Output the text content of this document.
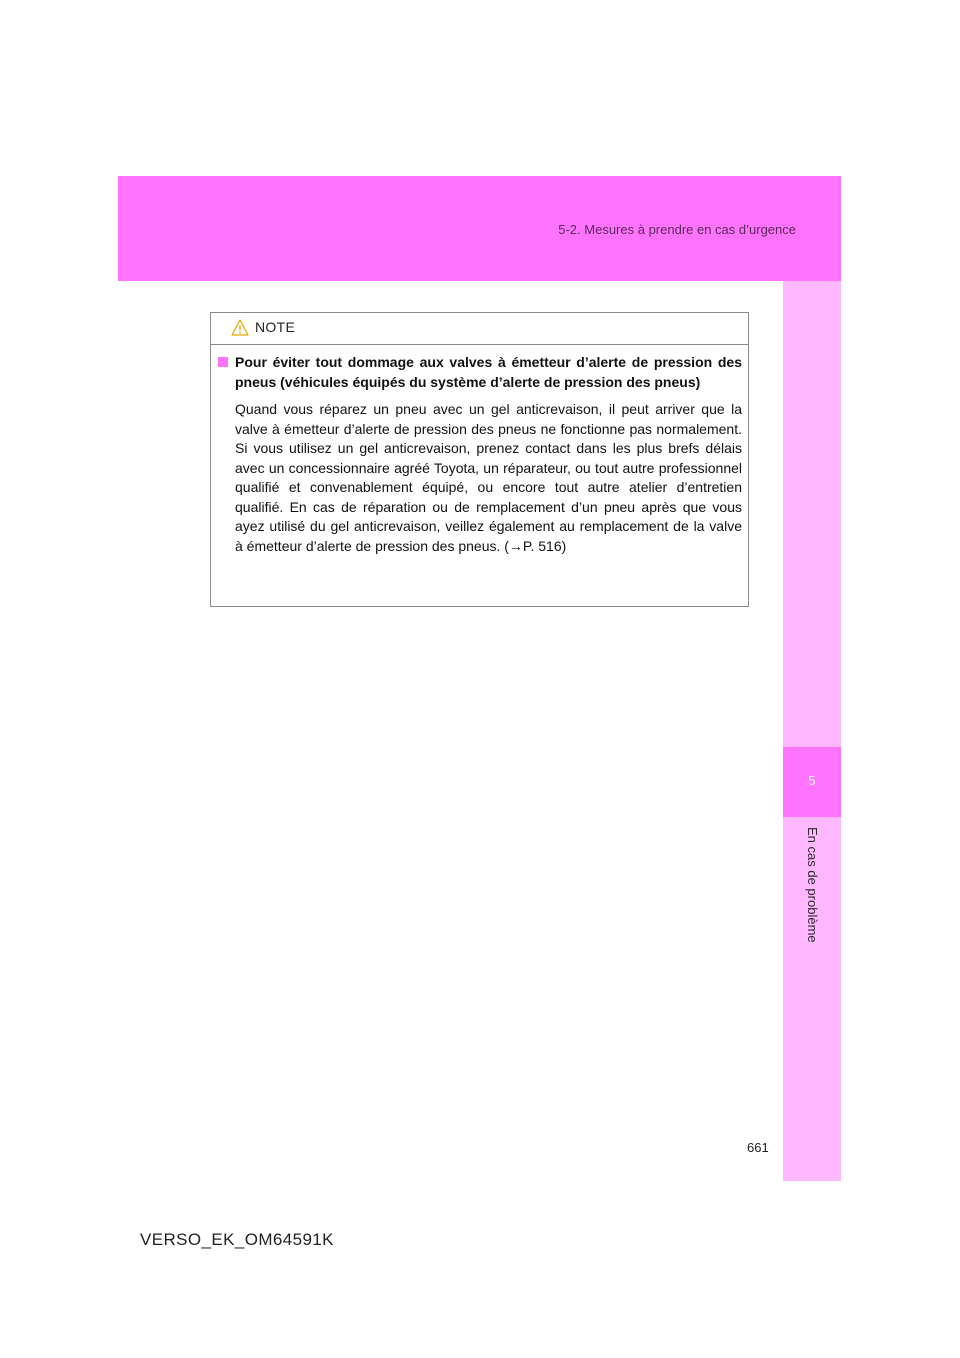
5-2. Mesures à prendre en cas d’urgence
5
En cas de problème
NOTE
Pour éviter tout dommage aux valves à émetteur d’alerte de pression des pneus (véhicules équipés du système d’alerte de pression des pneus)
Quand vous réparez un pneu avec un gel anticrevaison, il peut arriver que la valve à émetteur d’alerte de pression des pneus ne fonctionne pas normalement. Si vous utilisez un gel anticrevaison, prenez contact dans les plus brefs délais avec un concessionnaire agréé Toyota, un réparateur, ou tout autre professionnel qualifié et convenablement équipé, ou encore tout autre atelier d’entretien qualifié. En cas de réparation ou de remplacement d’un pneu après que vous ayez utilisé du gel anticrevaison, veillez également au remplacement de la valve à émetteur d’alerte de pression des pneus. (→P. 516)
661
VERSO_EK_OM64591K
